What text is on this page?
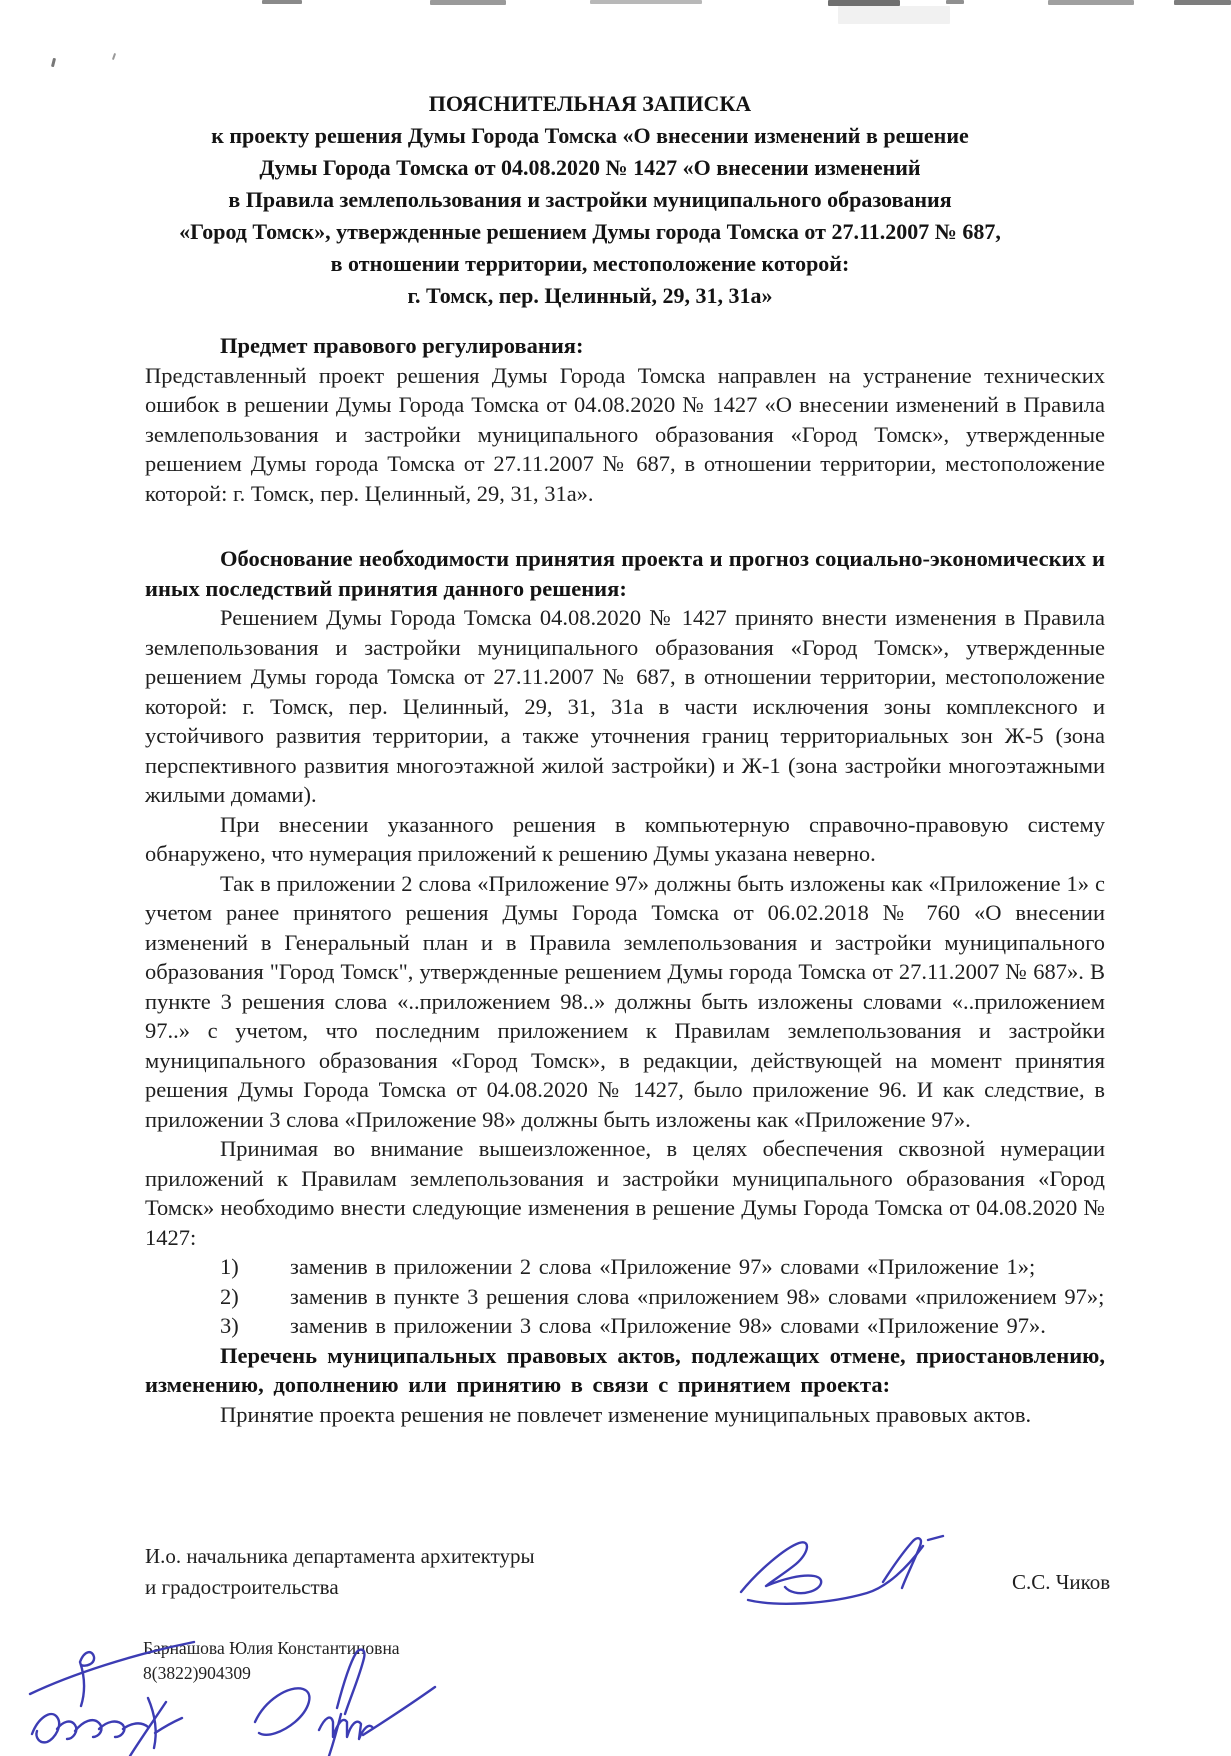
ПОЯСНИТЕЛЬНАЯ ЗАПИСКА
к проекту решения Думы Города Томска «О внесении изменений в решение
Думы Города Томска от 04.08.2020 № 1427 «О внесении изменений
в Правила землепользования и застройки муниципального образования
«Город Томск», утвержденные решением Думы города Томска от 27.11.2007 № 687,
в отношении территории, местоположение которой:
г. Томск, пер. Целинный, 29, 31, 31а»

Предмет правового регулирования:

Представленный проект решения Думы Города Томска направлен на устранение технических ошибок в решении Думы Города Томска от 04.08.2020 № 1427 «О внесении изменений в Правила землепользования и застройки муниципального образования «Город Томск», утвержденные решением Думы города Томска от 27.11.2007 № 687, в отношении территории, местоположение которой: г. Томск, пер. Целинный, 29, 31, 31а».

Обоснование необходимости принятия проекта и прогноз социально-экономических и иных последствий принятия данного решения:

Решением Думы Города Томска 04.08.2020 № 1427 принято внести изменения в Правила землепользования и застройки муниципального образования «Город Томск», утвержденные решением Думы города Томска от 27.11.2007 № 687, в отношении территории, местоположение которой: г. Томск, пер. Целинный, 29, 31, 31а в части исключения зоны комплексного и устойчивого развития территории, а также уточнения границ территориальных зон Ж-5 (зона перспективного развития многоэтажной жилой застройки) и Ж-1 (зона застройки многоэтажными жилыми домами).

При внесении указанного решения в компьютерную справочно-правовую систему обнаружено, что нумерация приложений к решению Думы указана неверно.

Так в приложении 2 слова «Приложение 97» должны быть изложены как «Приложение 1» с учетом ранее принятого решения Думы Города Томска от 06.02.2018 № 760 «О внесении изменений в Генеральный план и в Правила землепользования и застройки муниципального образования "Город Томск", утвержденные решением Думы города Томска от 27.11.2007 № 687». В пункте 3 решения слова «..приложением 98..» должны быть изложены словами «..приложением 97..» с учетом, что последним приложением к Правилам землепользования и застройки муниципального образования «Город Томск», в редакции, действующей на момент принятия решения Думы Города Томска от 04.08.2020 № 1427, было приложение 96. И как следствие, в приложении 3 слова «Приложение 98» должны быть изложены как «Приложение 97».

Принимая во внимание вышеизложенное, в целях обеспечения сквозной нумерации приложений к Правилам землепользования и застройки муниципального образования «Город Томск» необходимо внести следующие изменения в решение Думы Города Томска от 04.08.2020 № 1427:

1) заменив в приложении 2 слова «Приложение 97» словами «Приложение 1»;

2) заменив в пункте 3 решения слова «приложением 98» словами «приложением 97»;

3) заменив в приложении 3 слова «Приложение 98» словами «Приложение 97».

Перечень муниципальных правовых актов, подлежащих отмене, приостановлению, изменению, дополнению или принятию в связи с принятием проекта:

Принятие проекта решения не повлечет изменение муниципальных правовых актов.

И.о. начальника департамента архитектуры
и градостроительства	С.С. Чиков
Барнашова Юлия Константиновна
8(3822)904309
